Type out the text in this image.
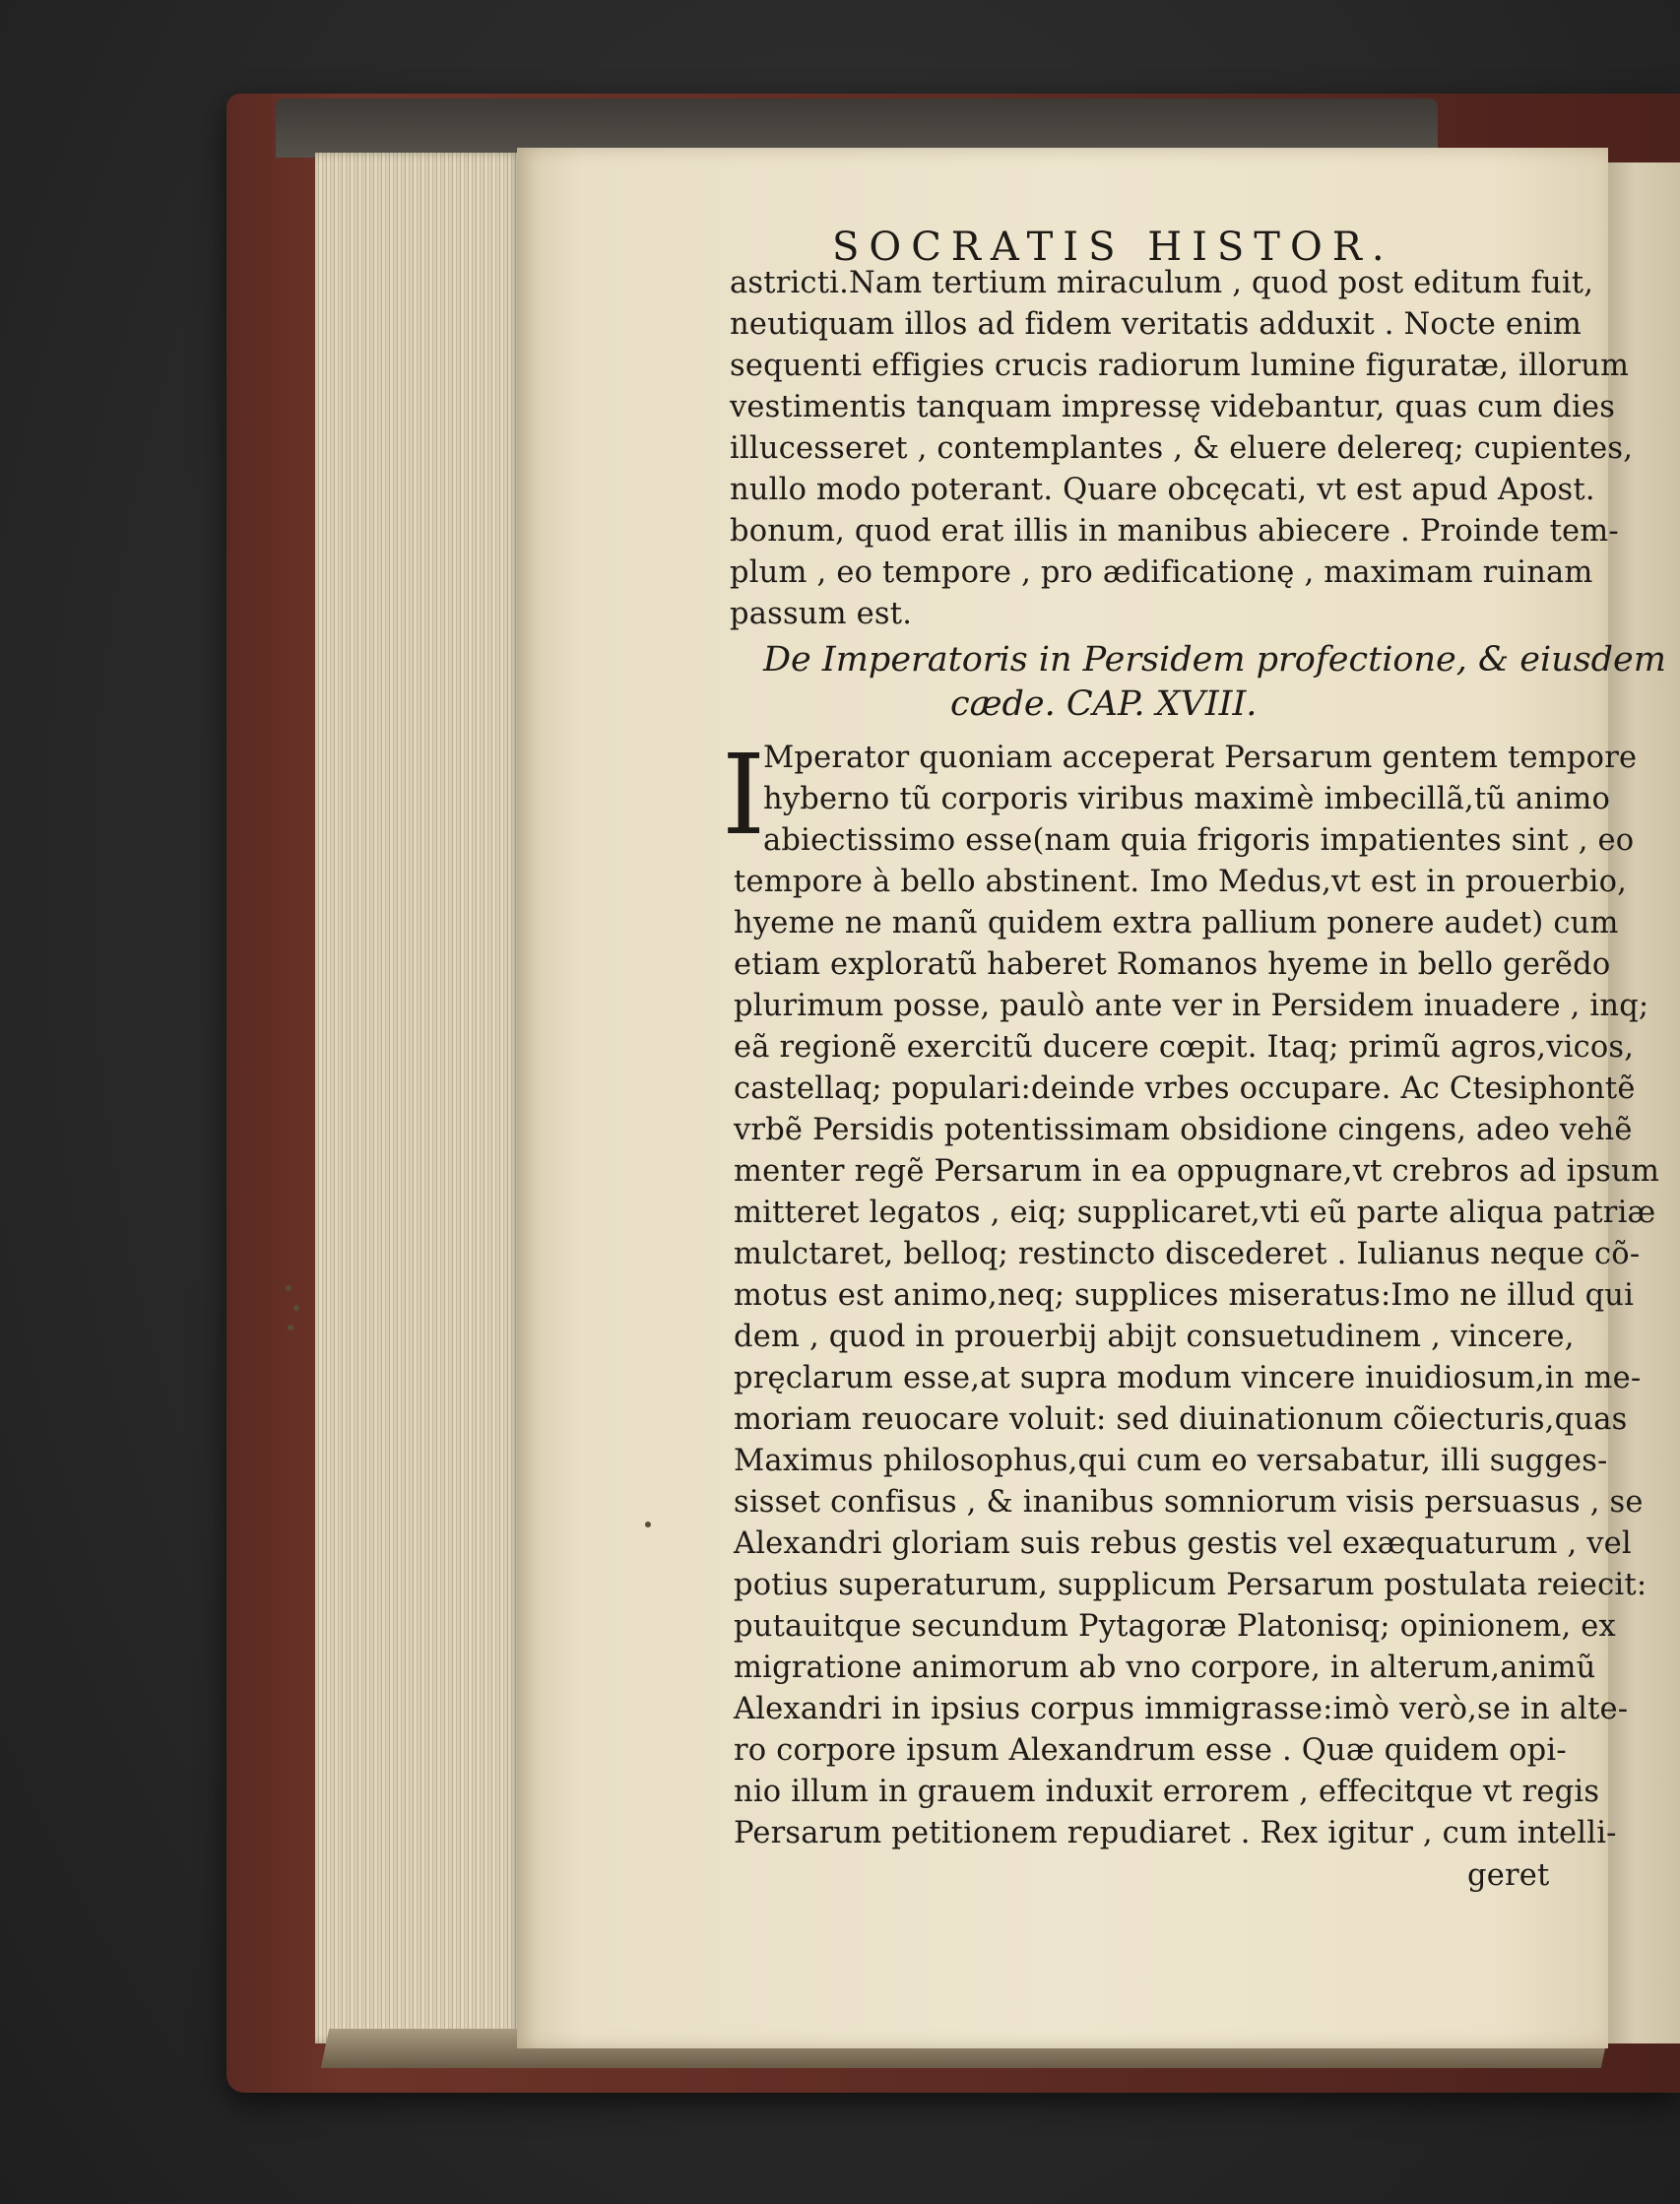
SOCRATIS HISTOR.
astricti.Nam tertium miraculum , quod post editum fuit,
neutiquam illos ad fidem veritatis adduxit . Nocte enim
sequenti effigies crucis radiorum lumine figuratæ, illorum
vestimentis tanquam impressę videbantur, quas cum dies
illucesseret , contemplantes , & eluere delereq; cupientes,
nullo modo poterant. Quare obcęcati, vt est apud Apost.
bonum, quod erat illis in manibus abiecere . Proinde tem-
plum , eo tempore , pro ædificationę , maximam ruinam
passum est.
De Imperatoris in Persidem profectione, & eiusdem
cæde. CAP. XVIII.
I
Mperator quoniam acceperat Persarum gentem tempore
hyberno tũ corporis viribus maximè imbecillã,tũ animo
abiectissimo esse(nam quia frigoris impatientes sint , eo
tempore à bello abstinent. Imo Medus,vt est in prouerbio,
hyeme ne manũ quidem extra pallium ponere audet) cum
etiam exploratũ haberet Romanos hyeme in bello gerẽdo
plurimum posse, paulò ante ver in Persidem inuadere , inq;
eã regionẽ exercitũ ducere cœpit. Itaq; primũ agros,vicos,
castellaq; populari:deinde vrbes occupare. Ac Ctesiphontẽ
vrbẽ Persidis potentissimam obsidione cingens, adeo vehẽ
menter regẽ Persarum in ea oppugnare,vt crebros ad ipsum
mitteret legatos , eiq; supplicaret,vti eũ parte aliqua patriæ
mulctaret, belloq; restincto discederet . Iulianus neque cõ-
motus est animo,neq; supplices miseratus:Imo ne illud qui
dem , quod in prouerbij abijt consuetudinem , vincere,
pręclarum esse,at supra modum vincere inuidiosum,in me-
moriam reuocare voluit: sed diuinationum cõiecturis,quas
Maximus philosophus,qui cum eo versabatur, illi sugges-
sisset confisus , & inanibus somniorum visis persuasus , se
Alexandri gloriam suis rebus gestis vel exæquaturum , vel
potius superaturum, supplicum Persarum postulata reiecit:
putauitque secundum Pytagoræ Platonisq; opinionem, ex
migratione animorum ab vno corpore, in alterum,animũ
Alexandri in ipsius corpus immigrasse:imò verò,se in alte-
ro corpore ipsum Alexandrum esse . Quæ quidem opi-
nio illum in grauem induxit errorem , effecitque vt regis
Persarum petitionem repudiaret . Rex igitur , cum intelli-
geret
